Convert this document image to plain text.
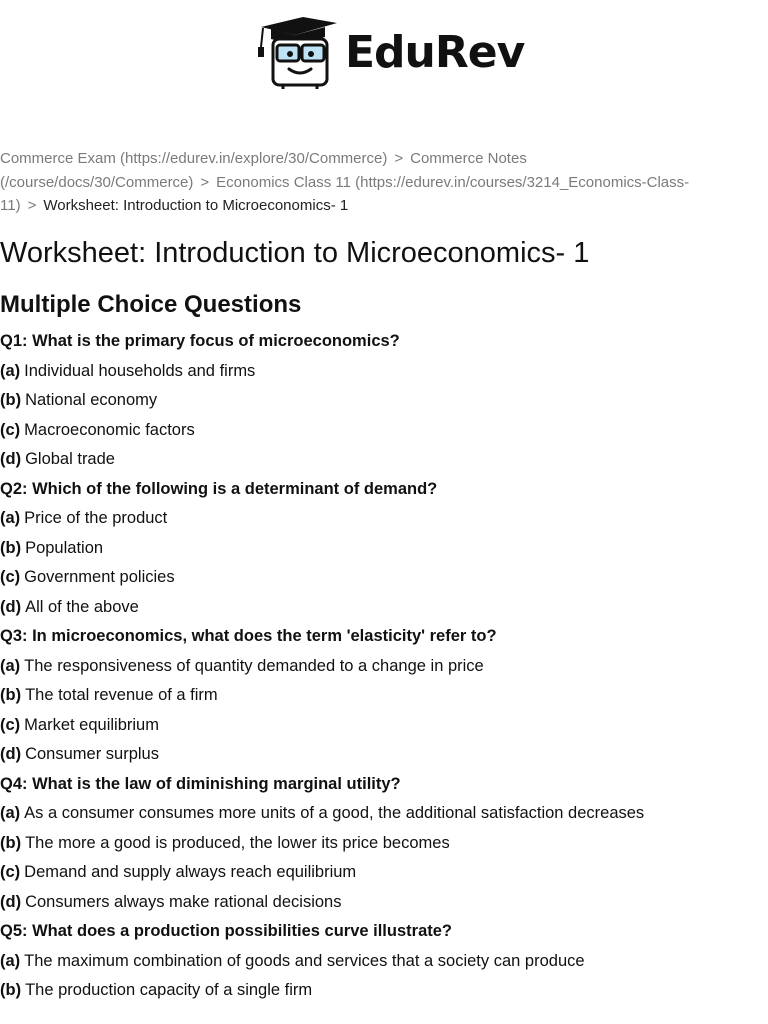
EduRev
Commerce Exam (https://edurev.in/explore/30/Commerce) > Commerce Notes (/course/docs/30/Commerce) > Economics Class 11 (https://edurev.in/courses/3214_Economics-Class-11) > Worksheet: Introduction to Microeconomics- 1
Worksheet: Introduction to Microeconomics- 1
Multiple Choice Questions
Q1: What is the primary focus of microeconomics?
(a) Individual households and firms
(b) National economy
(c) Macroeconomic factors
(d) Global trade
Q2: Which of the following is a determinant of demand?
(a) Price of the product
(b) Population
(c) Government policies
(d) All of the above
Q3: In microeconomics, what does the term 'elasticity' refer to?
(a) The responsiveness of quantity demanded to a change in price
(b) The total revenue of a firm
(c) Market equilibrium
(d) Consumer surplus
Q4: What is the law of diminishing marginal utility?
(a) As a consumer consumes more units of a good, the additional satisfaction decreases
(b) The more a good is produced, the lower its price becomes
(c) Demand and supply always reach equilibrium
(d) Consumers always make rational decisions
Q5: What does a production possibilities curve illustrate?
(a) The maximum combination of goods and services that a society can produce
(b) The production capacity of a single firm
